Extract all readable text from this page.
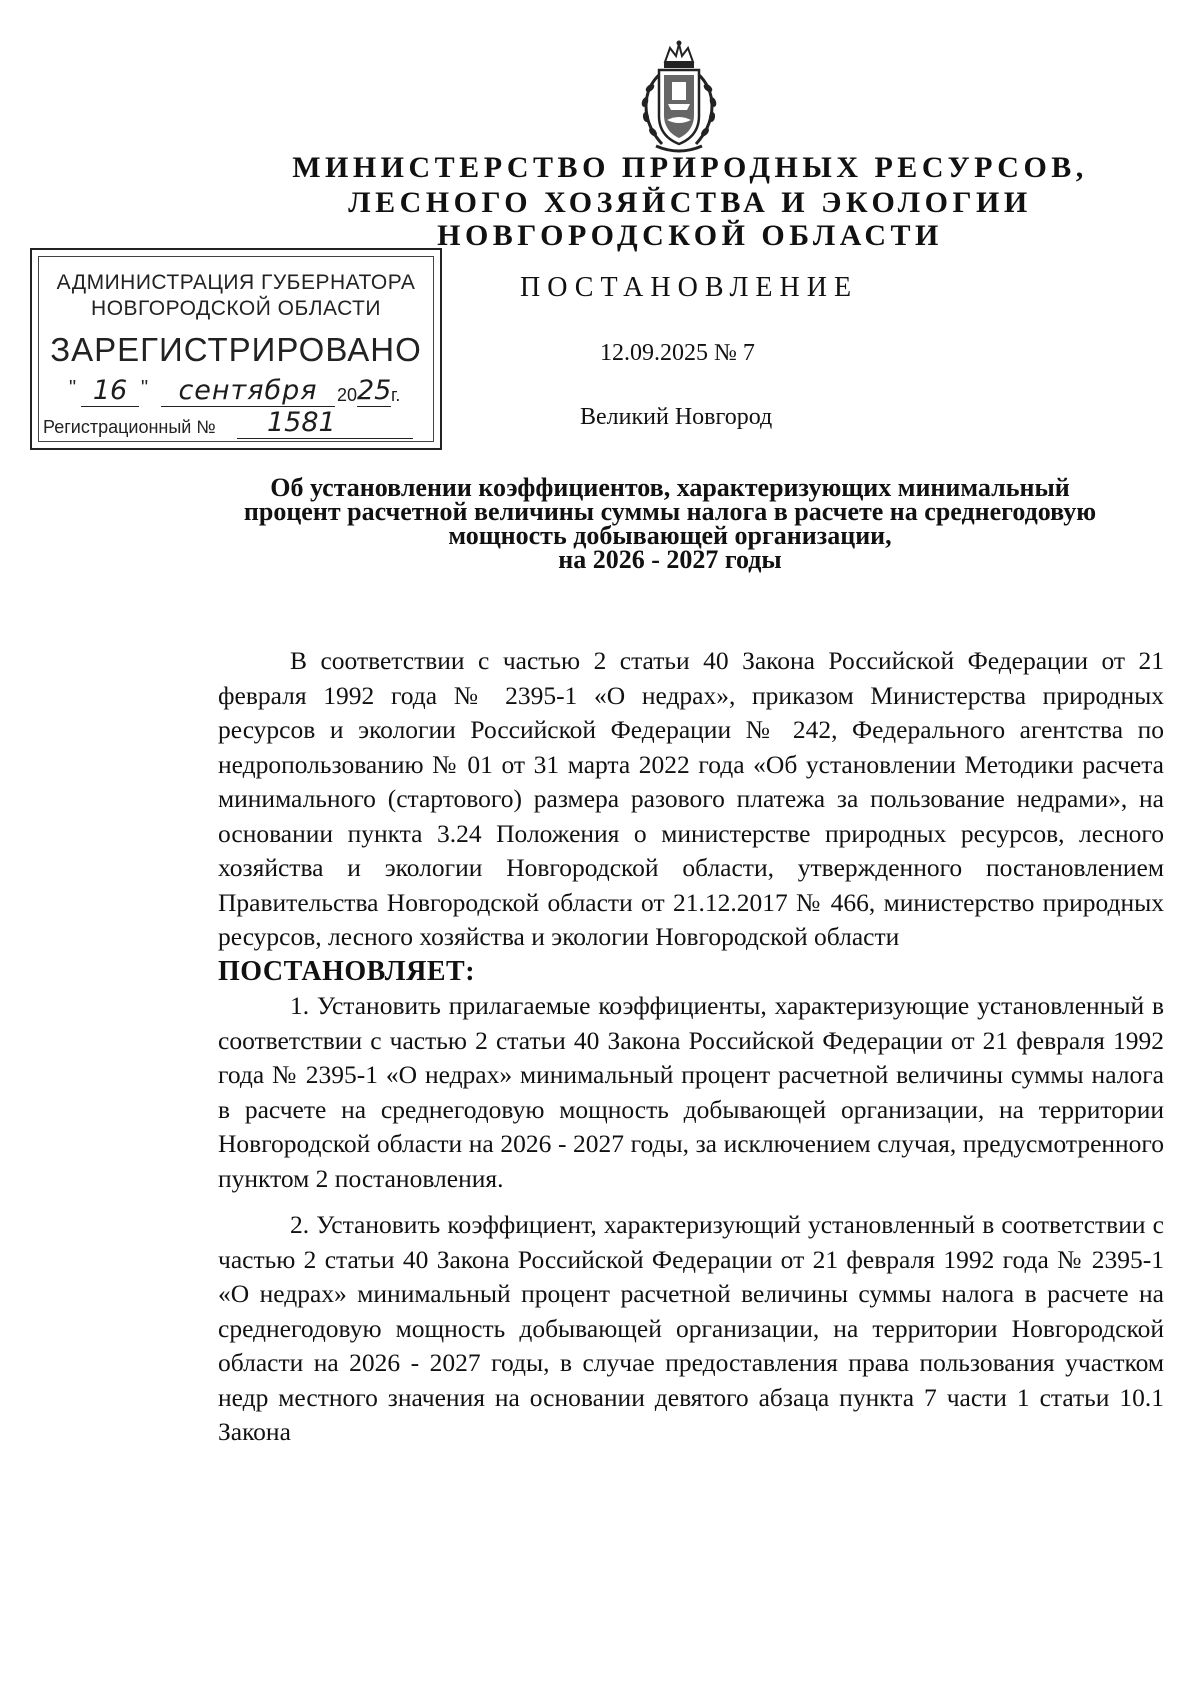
МИНИСТЕРСТВО ПРИРОДНЫХ РЕСУРСОВ,
ЛЕСНОГО ХОЗЯЙСТВА И ЭКОЛОГИИ
НОВГОРОДСКОЙ ОБЛАСТИ
АДМИНИСТРАЦИЯ ГУБЕРНАТОРА
НОВГОРОДСКОЙ ОБЛАСТИ
ЗАРЕГИСТРИРОВАНО
" 16 "	сентября	20 25 г.
Регистрационный №	1581
ПОСТАНОВЛЕНИЕ
12.09.2025 № 7
Великий Новгород
Об установлении коэффициентов, характеризующих минимальный
процент расчетной величины суммы налога в расчете на среднегодовую
мощность добывающей организации,
на 2026 - 2027 годы

В соответствии с частью 2 статьи 40 Закона Российской Федерации от 21 февраля 1992 года № 2395-1 «О недрах», приказом Министерства природных ресурсов и экологии Российской Федерации № 242, Федерального агентства по недропользованию № 01 от 31 марта 2022 года «Об установлении Методики расчета минимального (стартового) размера разового платежа за пользование недрами», на основании пункта 3.24 Положения о министерстве природных ресурсов, лесного хозяйства и экологии Новгородской области, утвержденного постановлением Правительства Новгородской области от 21.12.2017 № 466, министерство природных ресурсов, лесного хозяйства и экологии Новгородской области

ПОСТАНОВЛЯЕТ:

1. Установить прилагаемые коэффициенты, характеризующие установленный в соответствии с частью 2 статьи 40 Закона Российской Федерации от 21 февраля 1992 года № 2395-1 «О недрах» минимальный процент расчетной величины суммы налога в расчете на среднегодовую мощность добывающей организации, на территории Новгородской области на 2026 - 2027 годы, за исключением случая, предусмотренного пунктом 2 постановления.

2. Установить коэффициент, характеризующий установленный в соответствии с частью 2 статьи 40 Закона Российской Федерации от 21 февраля 1992 года № 2395-1 «О недрах» минимальный процент расчетной величины суммы налога в расчете на среднегодовую мощность добывающей организации, на территории Новгородской области на 2026 - 2027 годы, в случае предоставления права пользования участком недр местного значения на основании девятого абзаца пункта 7 части 1 статьи 10.1 Закона
